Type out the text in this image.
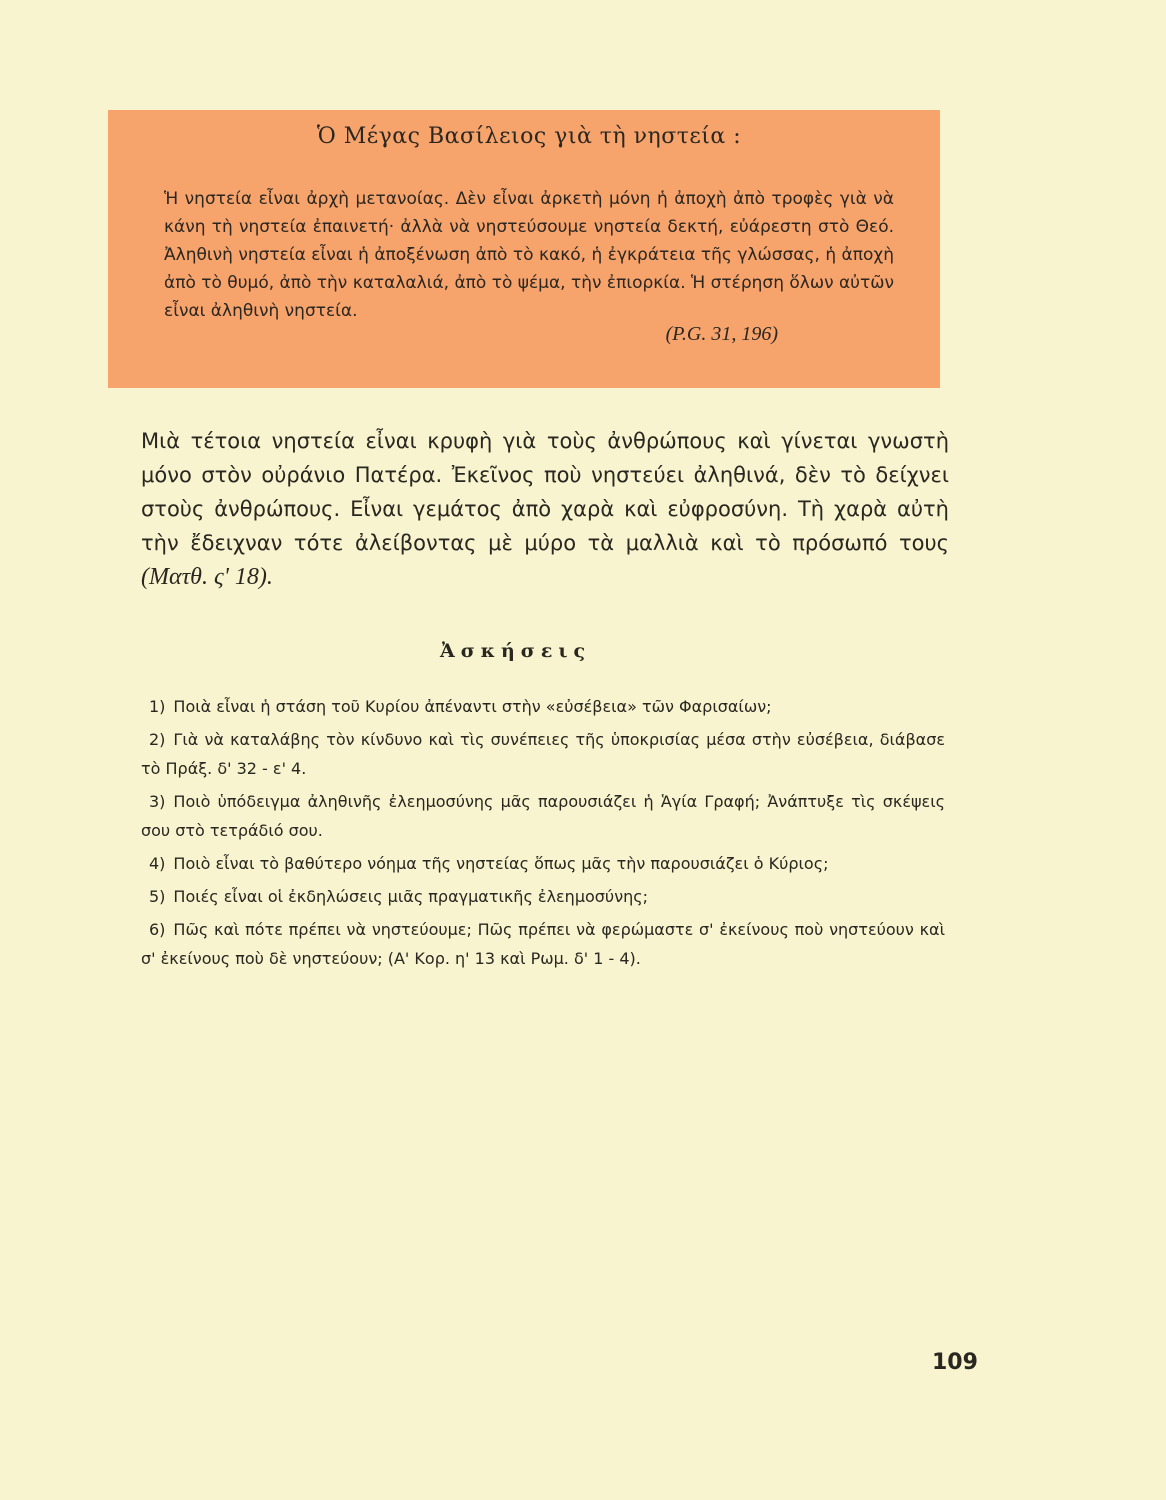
Ὁ Μέγας Βασίλειος γιὰ τὴ νηστεία :

Ἡ νηστεία εἶναι ἀρχὴ μετανοίας. Δὲν εἶναι ἀρκετὴ μόνη ἡ ἀποχὴ ἀπὸ τροφὲς γιὰ νὰ κάνη τὴ νηστεία ἐπαινετή· ἀλλὰ νὰ νηστεύσουμε νηστεία δεκτή, εὐάρεστη στὸ Θεό. Ἀληθινὴ νηστεία εἶναι ἡ ἀποξένωση ἀπὸ τὸ κακό, ἡ ἐγκράτεια τῆς γλώσσας, ἡ ἀποχὴ ἀπὸ τὸ θυμό, ἀπὸ τὴν καταλαλιά, ἀπὸ τὸ ψέμα, τὴν ἐπιορκία. Ἡ στέρηση ὅλων αὐτῶν εἶναι ἀληθινὴ νηστεία.

(P.G. 31, 196)

Μιὰ τέτοια νηστεία εἶναι κρυφὴ γιὰ τοὺς ἀνθρώπους καὶ γίνεται γνωστὴ μόνο στὸν οὐράνιο Πατέρα. Ἐκεῖνος ποὺ νηστεύει ἀληθινά, δὲν τὸ δείχνει στοὺς ἀνθρώπους. Εἶναι γεμάτος ἀπὸ χαρὰ καὶ εὐφροσύνη. Τὴ χαρὰ αὐτὴ τὴν ἔδειχναν τότε ἀλείβοντας μὲ μύρο τὰ μαλλιὰ καὶ τὸ πρόσωπό τους (Ματθ. ς' 18).

Ἀσκήσεις
1) Ποιὰ εἶναι ἡ στάση τοῦ Κυρίου ἀπέναντι στὴν «εὐσέβεια» τῶν Φαρισαίων;
2) Γιὰ νὰ καταλάβης τὸν κίνδυνο καὶ τὶς συνέπειες τῆς ὑποκρισίας μέσα στὴν εὐσέβεια, διάβασε τὸ Πράξ. δ' 32 - ε' 4.
3) Ποιὸ ὑπόδειγμα ἀληθινῆς ἐλεημοσύνης μᾶς παρουσιάζει ἡ Ἁγία Γραφή; Ἀνάπτυξε τὶς σκέψεις σου στὸ τετράδιό σου.
4) Ποιὸ εἶναι τὸ βαθύτερο νόημα τῆς νηστείας ὅπως μᾶς τὴν παρουσιάζει ὁ Κύριος;
5) Ποιές εἶναι οἱ ἐκδηλώσεις μιᾶς πραγματικῆς ἐλεημοσύνης;
6) Πῶς καὶ πότε πρέπει νὰ νηστεύουμε; Πῶς πρέπει νὰ φερώμαστε σ' ἐκείνους ποὺ νηστεύουν καὶ σ' ἐκείνους ποὺ δὲ νηστεύουν; (Α' Κορ. η' 13 καὶ Ρωμ. δ' 1 - 4).

109
